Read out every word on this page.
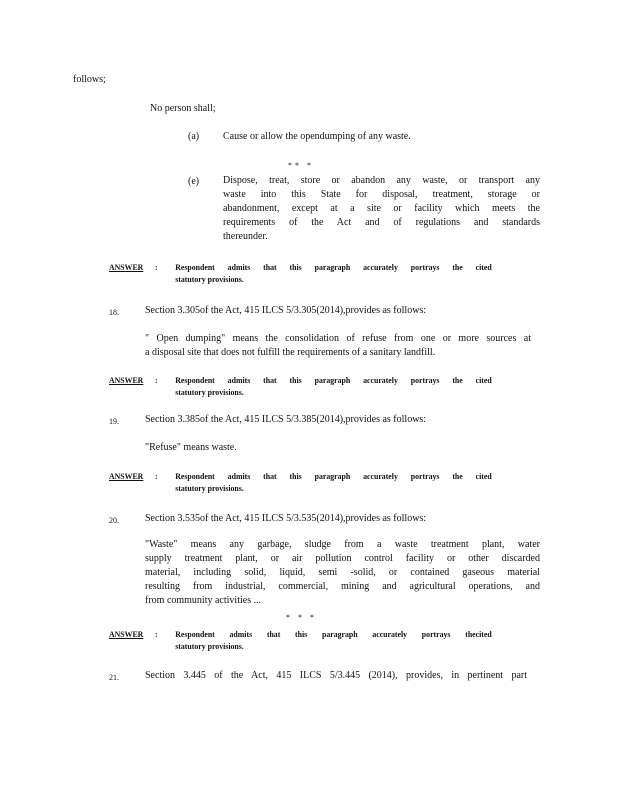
follows;
No person shall;
(a) Cause or allow the opendumping of any waste.
** *
(e) Dispose, treat, store or abandon any waste, or transport any
waste into this State for disposal, treatment, storage or
abandonment, except at a site or facility which meets the
requirements of the Act and of regulations and standards
thereunder.
ANSWER : Respondent admits that this paragraph accurately portrays the cited
statutory provisions.
18.	Section 3.305of the Act, 415 ILCS 5/3.305(2014),provides as follows:
" Open dumping" means the consolidation of refuse from one or more sources at
a disposal site that does not fulfill the requirements of a sanitary landfill.
ANSWER : Respondent admits that this paragraph accurately portrays the cited
statutory provisions.
19.	Section 3.385of the Act, 415 ILCS 5/3.385(2014),provides as follows:
"Refuse" means waste.
ANSWER : Respondent admits that this paragraph accurately portrays the cited
statutory provisions.
20.	Section 3.535of the Act, 415 ILCS 5/3.535(2014),provides as follows:
"Waste" means any garbage, sludge from a waste treatment plant, water
supply treatment plant, or air pollution control facility or other discarded
material, including solid, liquid, semi -solid, or contained gaseous material
resulting from industrial, commercial, mining and agricultural operations, and
from community activities ...
* * *
ANSWER : Respondent admits that this paragraph accurately portrays thecited
statutory provisions.
21.	Section 3.445 of the Act, 415 ILCS 5/3.445 (2014), provides, in pertinent part
